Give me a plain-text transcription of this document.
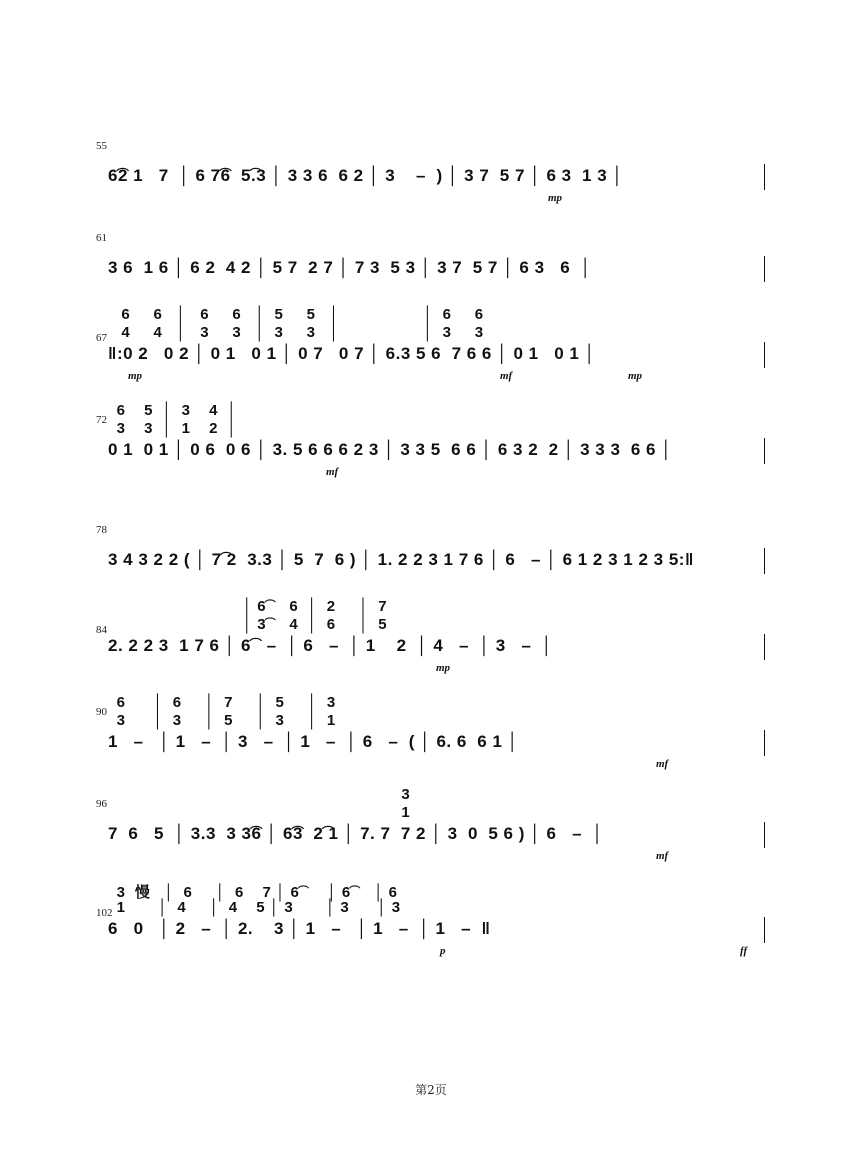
55
6͡2 1   7  │ 6 7͡6  5͡.3 │ 3 3 6  6 2 │ 3    –  ) │ 3 7  5 7 │ 6 3  1 3 │
mp
61
3 6  1 6 │ 6 2  4 2 │ 5 7  2 7 │ 7 3  5 3 │ 3 7  5 7 │ 6 3   6  │
67
6     6   │   6     6   │  5     5   │                  │  6     6
4     4   │   3     3   │  3     3   │                  │  3     3
‖:0 2   0 2 │ 0 1   0 1 │ 0 7   0 7 │ 6.3 5 6  7 6 6 │ 0 1   0 1 │
mp	mf	mp
72
6    5  │  3    4  │
3    3  │  1    2  │
0 1  0 1 │ 0 6  0 6 │ 3. 5 6 6 6 2 3 │ 3 3 5  6 6 │ 6 3 2  2 │ 3 3 3  6 6 │
mf
78
3 4 3 2 2 ( │ 7͡ 2  3.3 │ 5  7  6 ) │ 1. 2 2 3 1 7 6 │ 6   – │ 6 1 2 3 1 2 3 5:‖
84
│ 6͡     6  │  2     │  7
│ 3͡     4  │  6     │  5
2. 2 2 3  1 7 6 │ 6͡   –  │ 6   –  │ 1    2  │ 4   –  │ 3   –  │
mp
90
6      │  6     │  7     │  5     │  3
3      │  3     │  5     │  3     │  1
1   –   │ 1   –  │ 3   –  │ 1   –  │ 6   –  ( │ 6. 6  6 1 │
mf
96
3
1
7  6   5  │ 3.3  3 3͡6 │ 6͡3  2͡ 1 │ 7. 7  7 2 │ 3  0  5 6 ) │ 6   –  │
mf
102
3  慢   │  6     │  6    7 │ 6͡      │ 6͡     │ 6
1       │  4     │  4    5 │ 3       │ 3      │ 3
6   0   │ 2   –  │ 2.    3 │ 1   –   │ 1   –  │ 1   –  ‖
p	ff
第2页
